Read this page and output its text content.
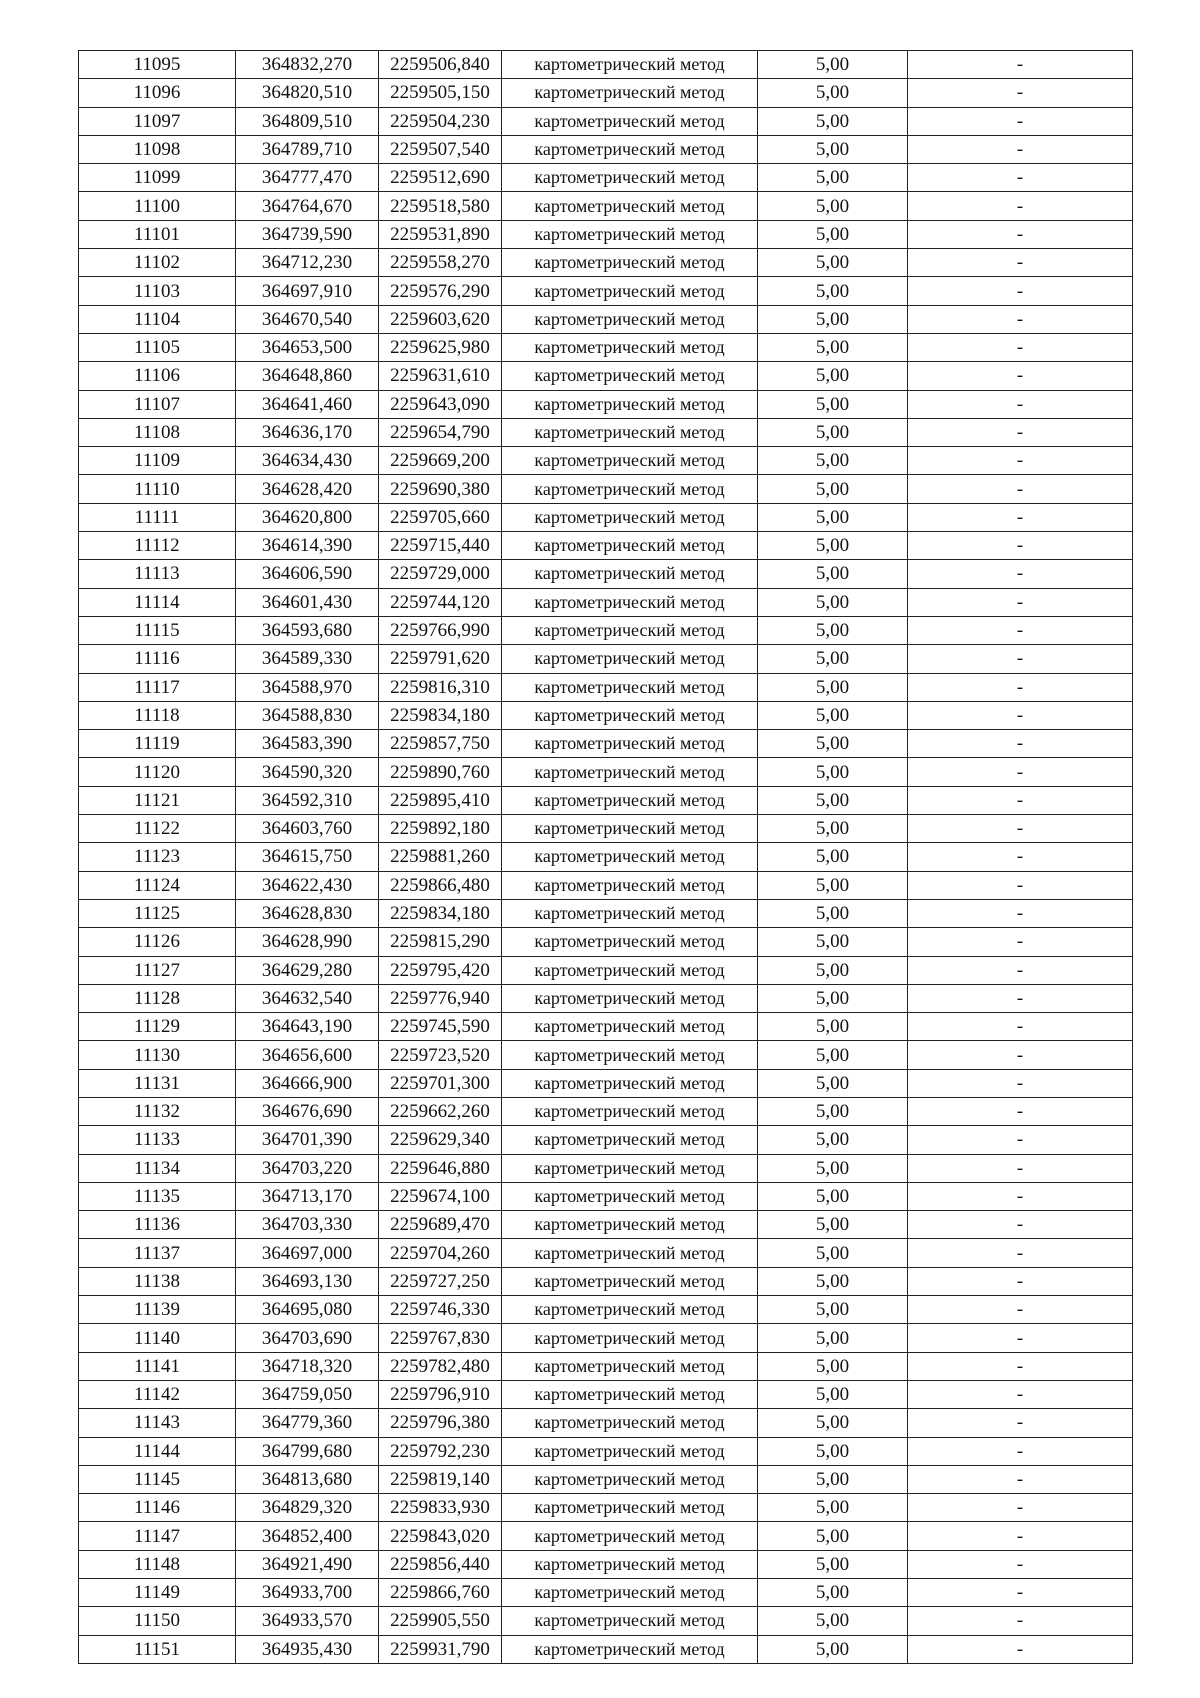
11095	364832,270	2259506,840	картометрический метод	5,00	-
11096	364820,510	2259505,150	картометрический метод	5,00	-
11097	364809,510	2259504,230	картометрический метод	5,00	-
11098	364789,710	2259507,540	картометрический метод	5,00	-
11099	364777,470	2259512,690	картометрический метод	5,00	-
11100	364764,670	2259518,580	картометрический метод	5,00	-
11101	364739,590	2259531,890	картометрический метод	5,00	-
11102	364712,230	2259558,270	картометрический метод	5,00	-
11103	364697,910	2259576,290	картометрический метод	5,00	-
11104	364670,540	2259603,620	картометрический метод	5,00	-
11105	364653,500	2259625,980	картометрический метод	5,00	-
11106	364648,860	2259631,610	картометрический метод	5,00	-
11107	364641,460	2259643,090	картометрический метод	5,00	-
11108	364636,170	2259654,790	картометрический метод	5,00	-
11109	364634,430	2259669,200	картометрический метод	5,00	-
11110	364628,420	2259690,380	картометрический метод	5,00	-
11111	364620,800	2259705,660	картометрический метод	5,00	-
11112	364614,390	2259715,440	картометрический метод	5,00	-
11113	364606,590	2259729,000	картометрический метод	5,00	-
11114	364601,430	2259744,120	картометрический метод	5,00	-
11115	364593,680	2259766,990	картометрический метод	5,00	-
11116	364589,330	2259791,620	картометрический метод	5,00	-
11117	364588,970	2259816,310	картометрический метод	5,00	-
11118	364588,830	2259834,180	картометрический метод	5,00	-
11119	364583,390	2259857,750	картометрический метод	5,00	-
11120	364590,320	2259890,760	картометрический метод	5,00	-
11121	364592,310	2259895,410	картометрический метод	5,00	-
11122	364603,760	2259892,180	картометрический метод	5,00	-
11123	364615,750	2259881,260	картометрический метод	5,00	-
11124	364622,430	2259866,480	картометрический метод	5,00	-
11125	364628,830	2259834,180	картометрический метод	5,00	-
11126	364628,990	2259815,290	картометрический метод	5,00	-
11127	364629,280	2259795,420	картометрический метод	5,00	-
11128	364632,540	2259776,940	картометрический метод	5,00	-
11129	364643,190	2259745,590	картометрический метод	5,00	-
11130	364656,600	2259723,520	картометрический метод	5,00	-
11131	364666,900	2259701,300	картометрический метод	5,00	-
11132	364676,690	2259662,260	картометрический метод	5,00	-
11133	364701,390	2259629,340	картометрический метод	5,00	-
11134	364703,220	2259646,880	картометрический метод	5,00	-
11135	364713,170	2259674,100	картометрический метод	5,00	-
11136	364703,330	2259689,470	картометрический метод	5,00	-
11137	364697,000	2259704,260	картометрический метод	5,00	-
11138	364693,130	2259727,250	картометрический метод	5,00	-
11139	364695,080	2259746,330	картометрический метод	5,00	-
11140	364703,690	2259767,830	картометрический метод	5,00	-
11141	364718,320	2259782,480	картометрический метод	5,00	-
11142	364759,050	2259796,910	картометрический метод	5,00	-
11143	364779,360	2259796,380	картометрический метод	5,00	-
11144	364799,680	2259792,230	картометрический метод	5,00	-
11145	364813,680	2259819,140	картометрический метод	5,00	-
11146	364829,320	2259833,930	картометрический метод	5,00	-
11147	364852,400	2259843,020	картометрический метод	5,00	-
11148	364921,490	2259856,440	картометрический метод	5,00	-
11149	364933,700	2259866,760	картометрический метод	5,00	-
11150	364933,570	2259905,550	картометрический метод	5,00	-
11151	364935,430	2259931,790	картометрический метод	5,00	-
